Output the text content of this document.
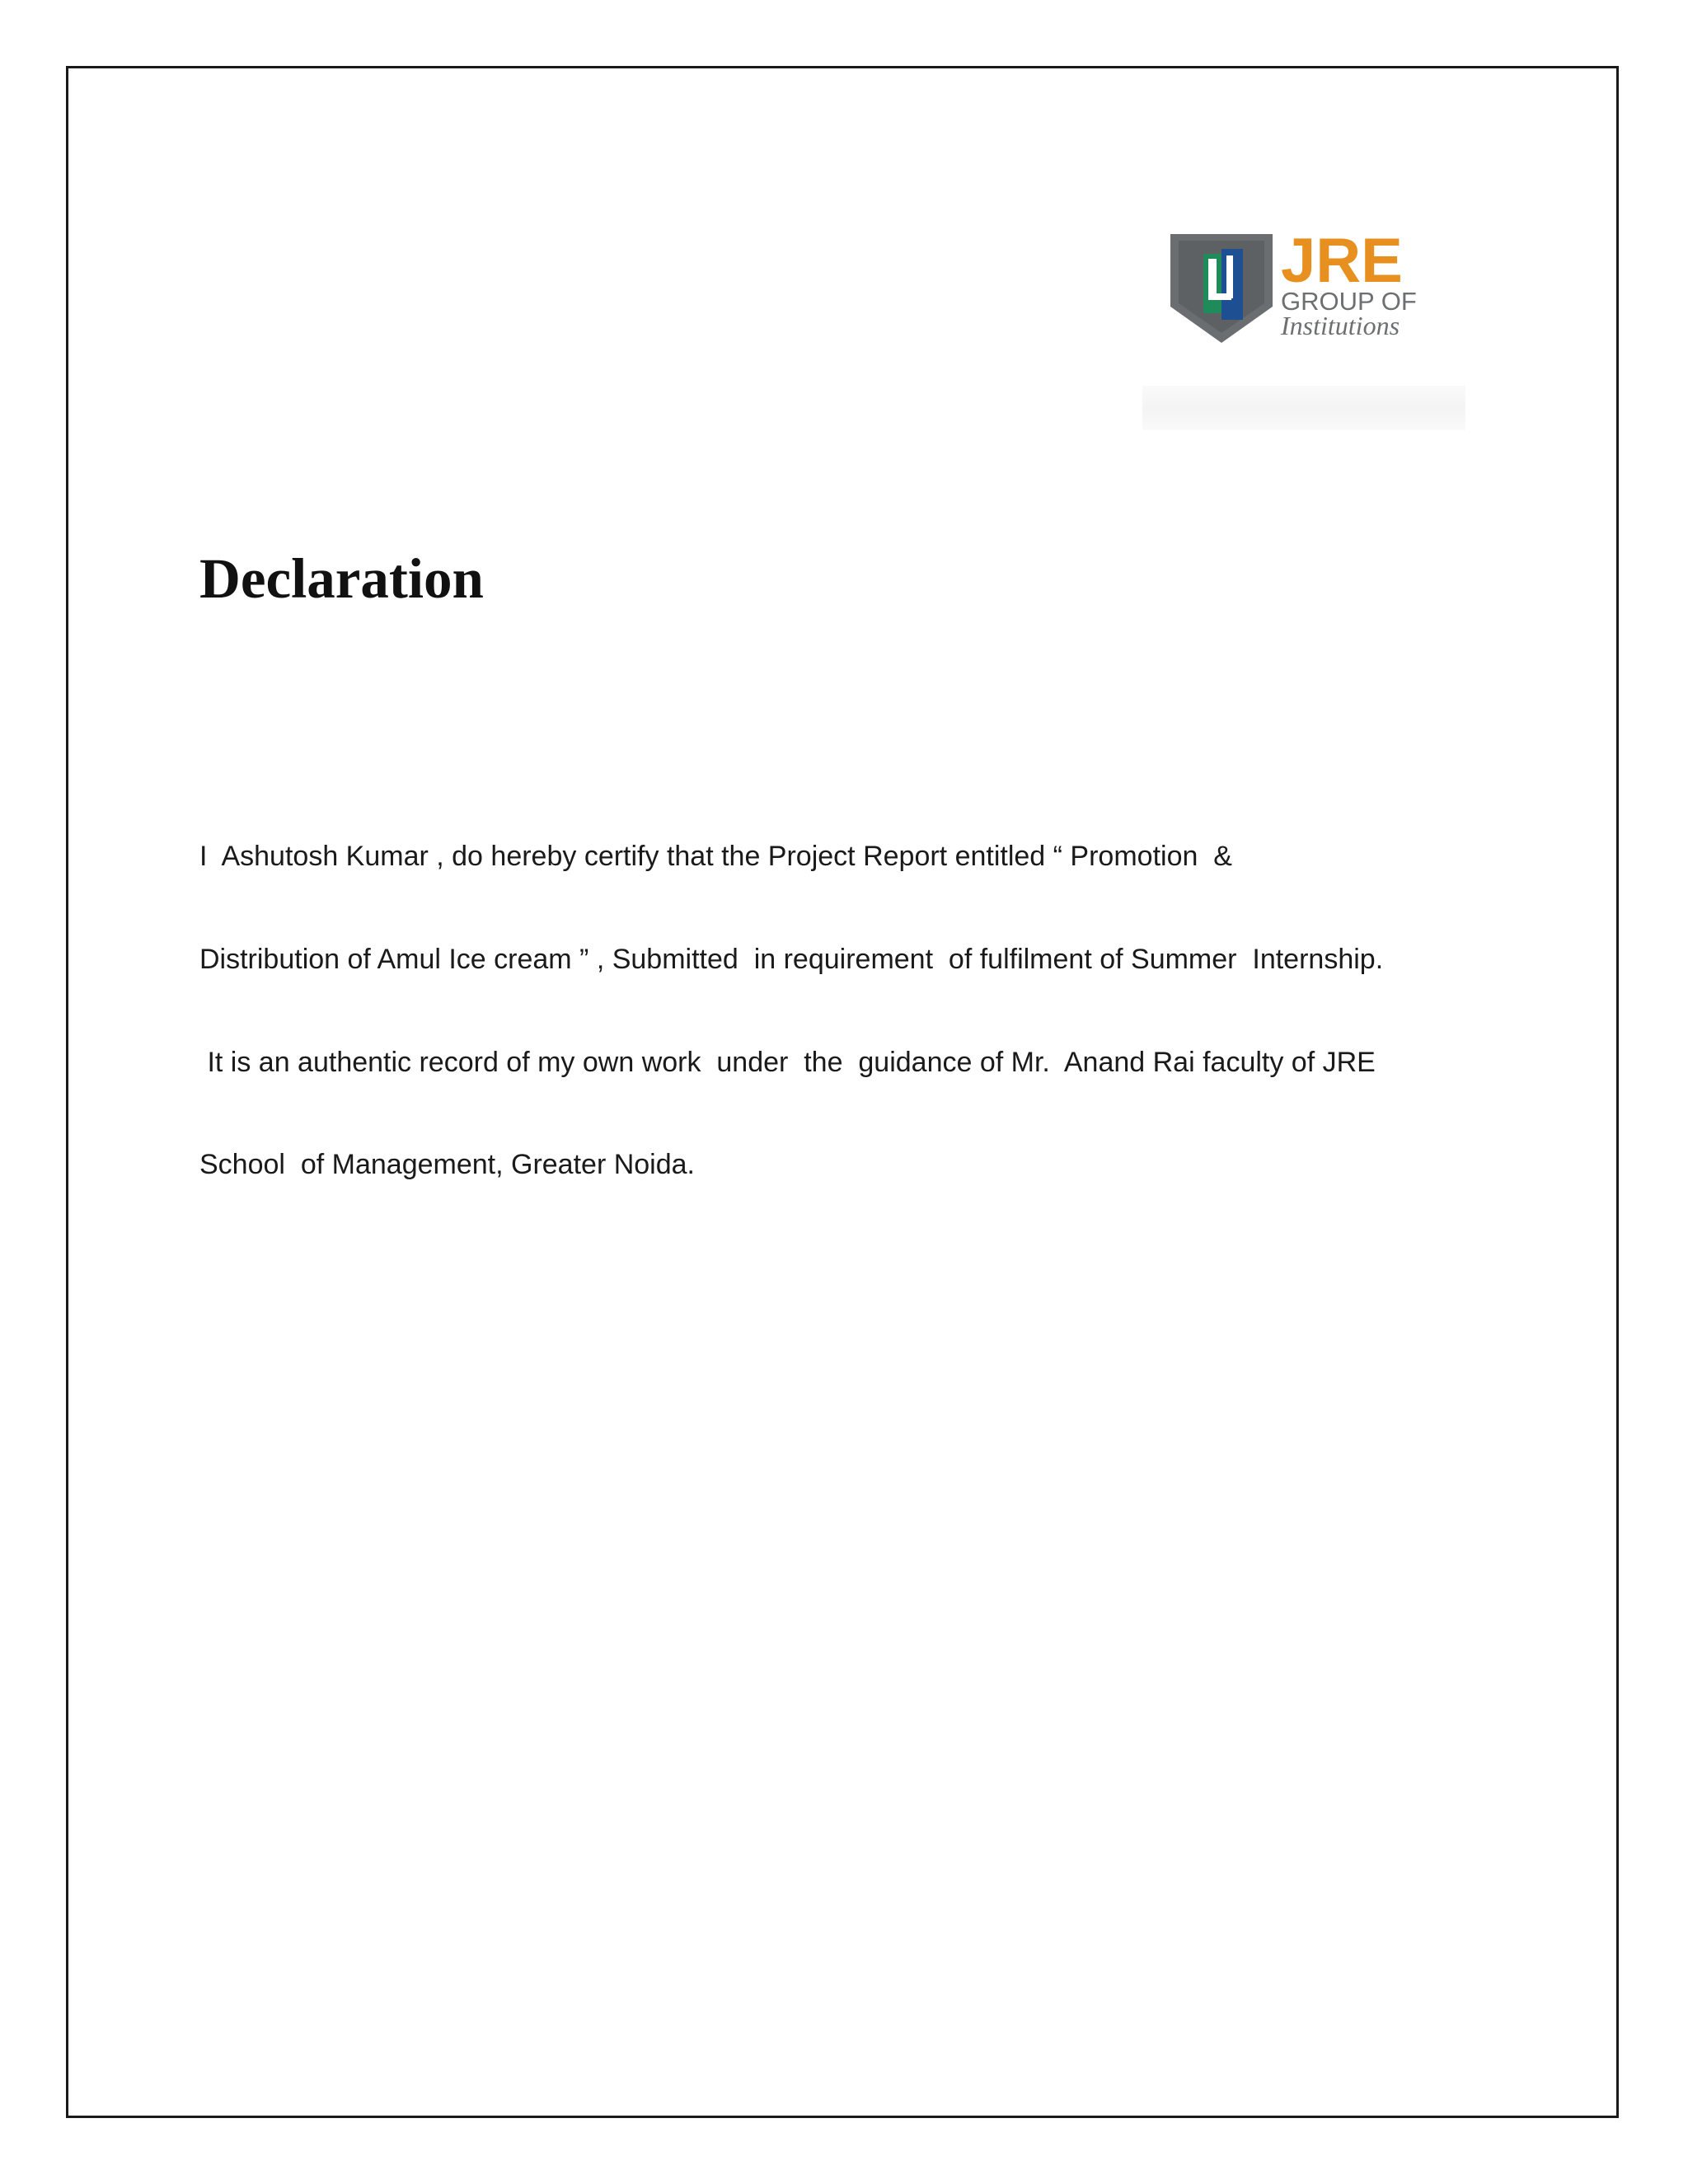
JRE
GROUP OF
Institutions
Declaration

I  Ashutosh Kumar , do hereby certify that the Project Report entitled “ Promotion  &

Distribution of Amul Ice cream ” , Submitted  in requirement  of fulfilment of Summer  Internship.

It is an authentic record of my own work  under  the  guidance of Mr.  Anand Rai faculty of JRE

School  of Management, Greater Noida.
